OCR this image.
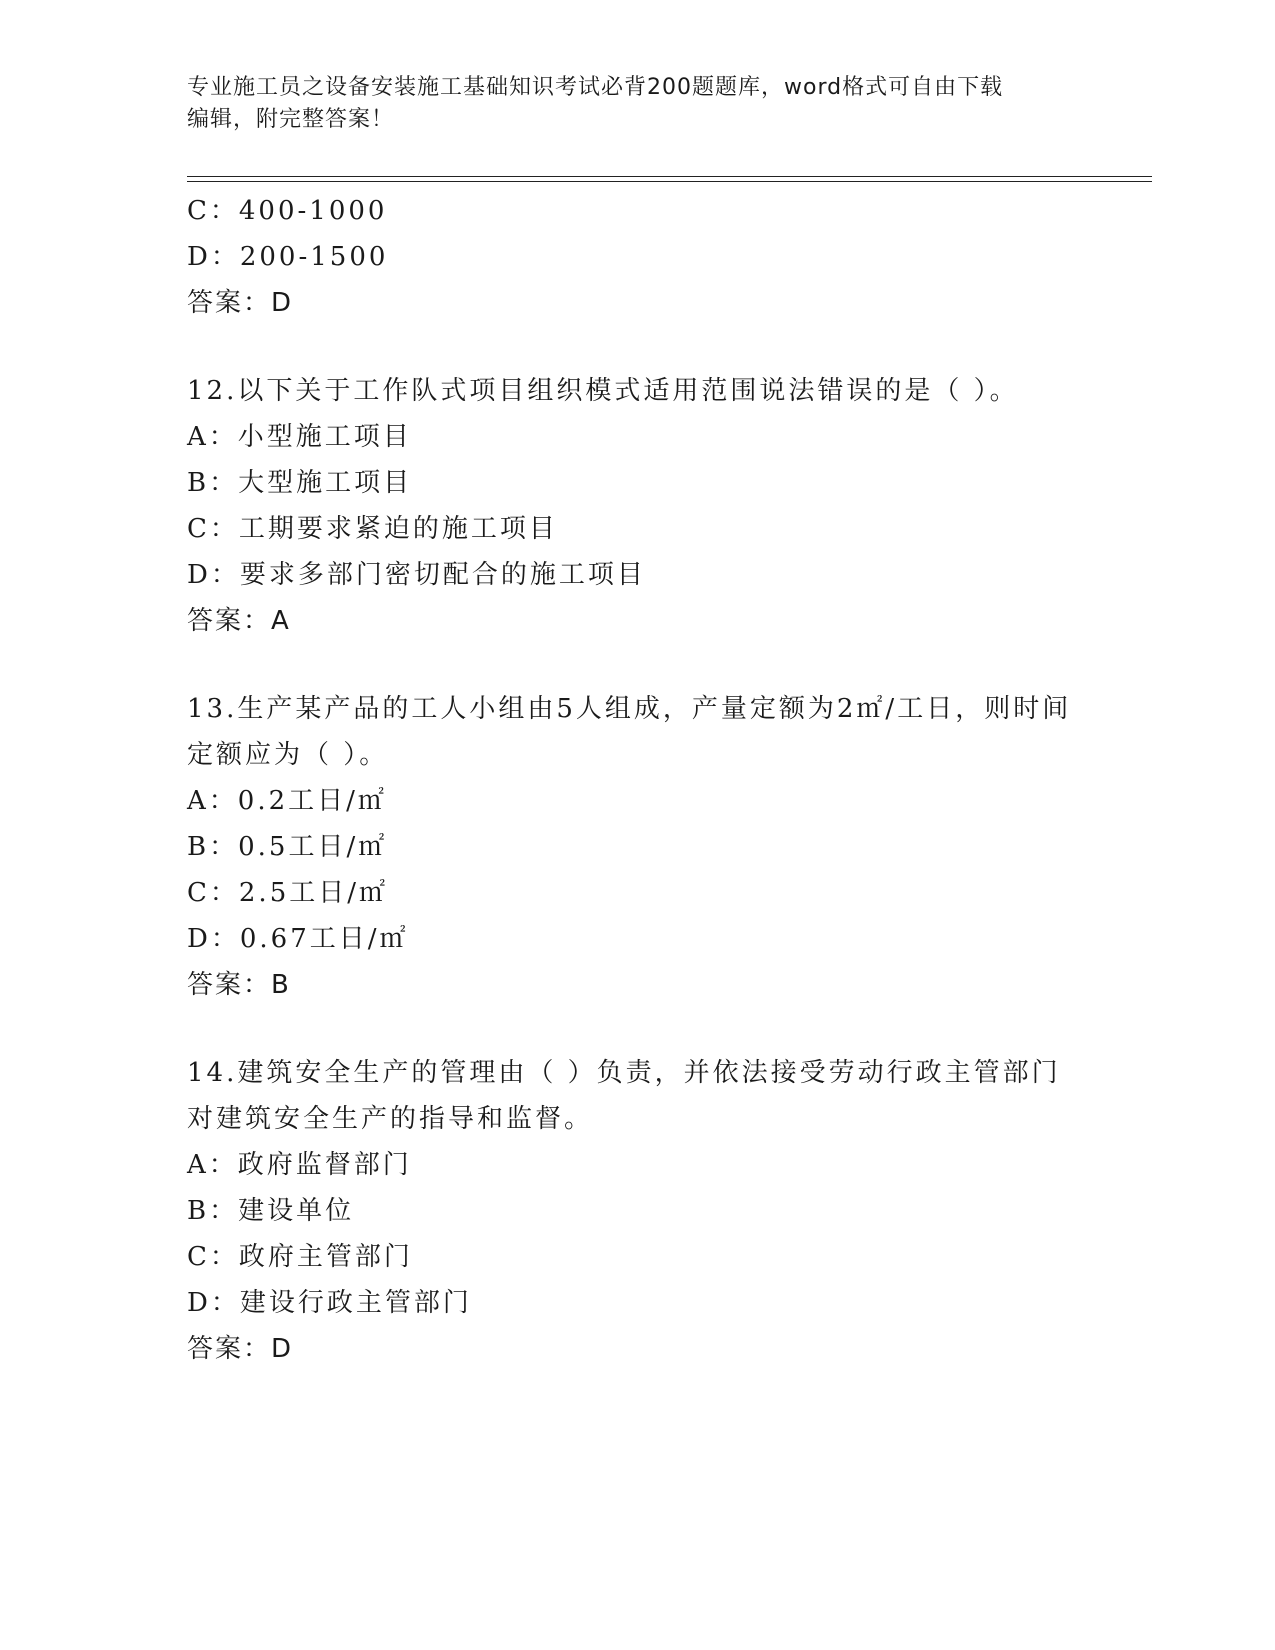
专业施工员之设备安装施工基础知识考试必背200题题库，word格式可自由下载
编辑，附完整答案！
C：400-1000
D：200-1500
答案：D
12.以下关于工作队式项目组织模式适用范围说法错误的是（ ）。
A：小型施工项目
B：大型施工项目
C：工期要求紧迫的施工项目
D：要求多部门密切配合的施工项目
答案：A
13.生产某产品的工人小组由5人组成，产量定额为2㎡/工日，则时间
定额应为（ ）。
A：0.2工日/㎡
B：0.5工日/㎡
C：2.5工日/㎡
D：0.67工日/㎡
答案：B
14.建筑安全生产的管理由（ ）负责，并依法接受劳动行政主管部门
对建筑安全生产的指导和监督。
A：政府监督部门
B：建设单位
C：政府主管部门
D：建设行政主管部门
答案：D
